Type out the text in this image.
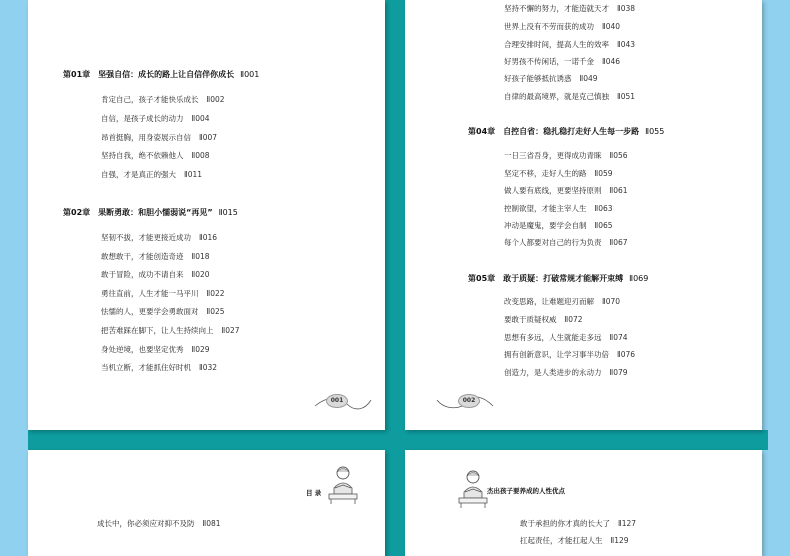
第01章　坚强自信：成长的路上让自信伴你成长 Ⅱ001
肯定自己，孩子才能快乐成长 Ⅱ002
自信，是孩子成长的动力 Ⅱ004
昂首挺胸，用身姿展示自信 Ⅱ007
坚持自我，绝不依赖他人 Ⅱ008
自强，才是真正的强大 Ⅱ011
第02章　果断勇敢：和胆小懦弱说“再见” Ⅱ015
坚韧不拔，才能更接近成功 Ⅱ016
敢想敢干，才能创造奇迹 Ⅱ018
敢于冒险，成功不请自来 Ⅱ020
勇往直前，人生才能一马平川 Ⅱ022
怯懦的人，更要学会勇敢面对 Ⅱ025
把苦难踩在脚下，让人生持续向上 Ⅱ027
身处逆境，也要坚定优秀 Ⅱ029
当机立断，才能抓住好时机 Ⅱ032
001
坚持不懈的努力，才能造就天才 Ⅱ038
世界上没有不劳而获的成功 Ⅱ040
合理安排时间，提高人生的效率 Ⅱ043
好男孩不传闲话，一诺千金 Ⅱ046
好孩子能够抵抗诱惑 Ⅱ049
自律的最高境界，就是克己慎独 Ⅱ051
第04章　自控自省：稳扎稳打走好人生每一步路 Ⅱ055
一日三省吾身，更得成功青睐 Ⅱ056
坚定不移，走好人生的路 Ⅱ059
做人要有底线，更要坚持原则 Ⅱ061
控制欲望，才能主宰人生 Ⅱ063
冲动是魔鬼，要学会自制 Ⅱ065
每个人都要对自己的行为负责 Ⅱ067
第05章　敢于质疑：打破常规才能解开束缚 Ⅱ069
改变思路，让难题迎刃而解 Ⅱ070
要敢于质疑权威 Ⅱ072
思想有多远，人生就能走多远 Ⅱ074
拥有创新意识，让学习事半功倍 Ⅱ076
创造力，是人类进步的永动力 Ⅱ079
002
目 录
成长中，你必须应对抑不及防 Ⅱ081
杰出孩子要养成的人性优点
敢于承担的你才真的长大了 Ⅱ127
扛起责任，才能扛起人生 Ⅱ129
